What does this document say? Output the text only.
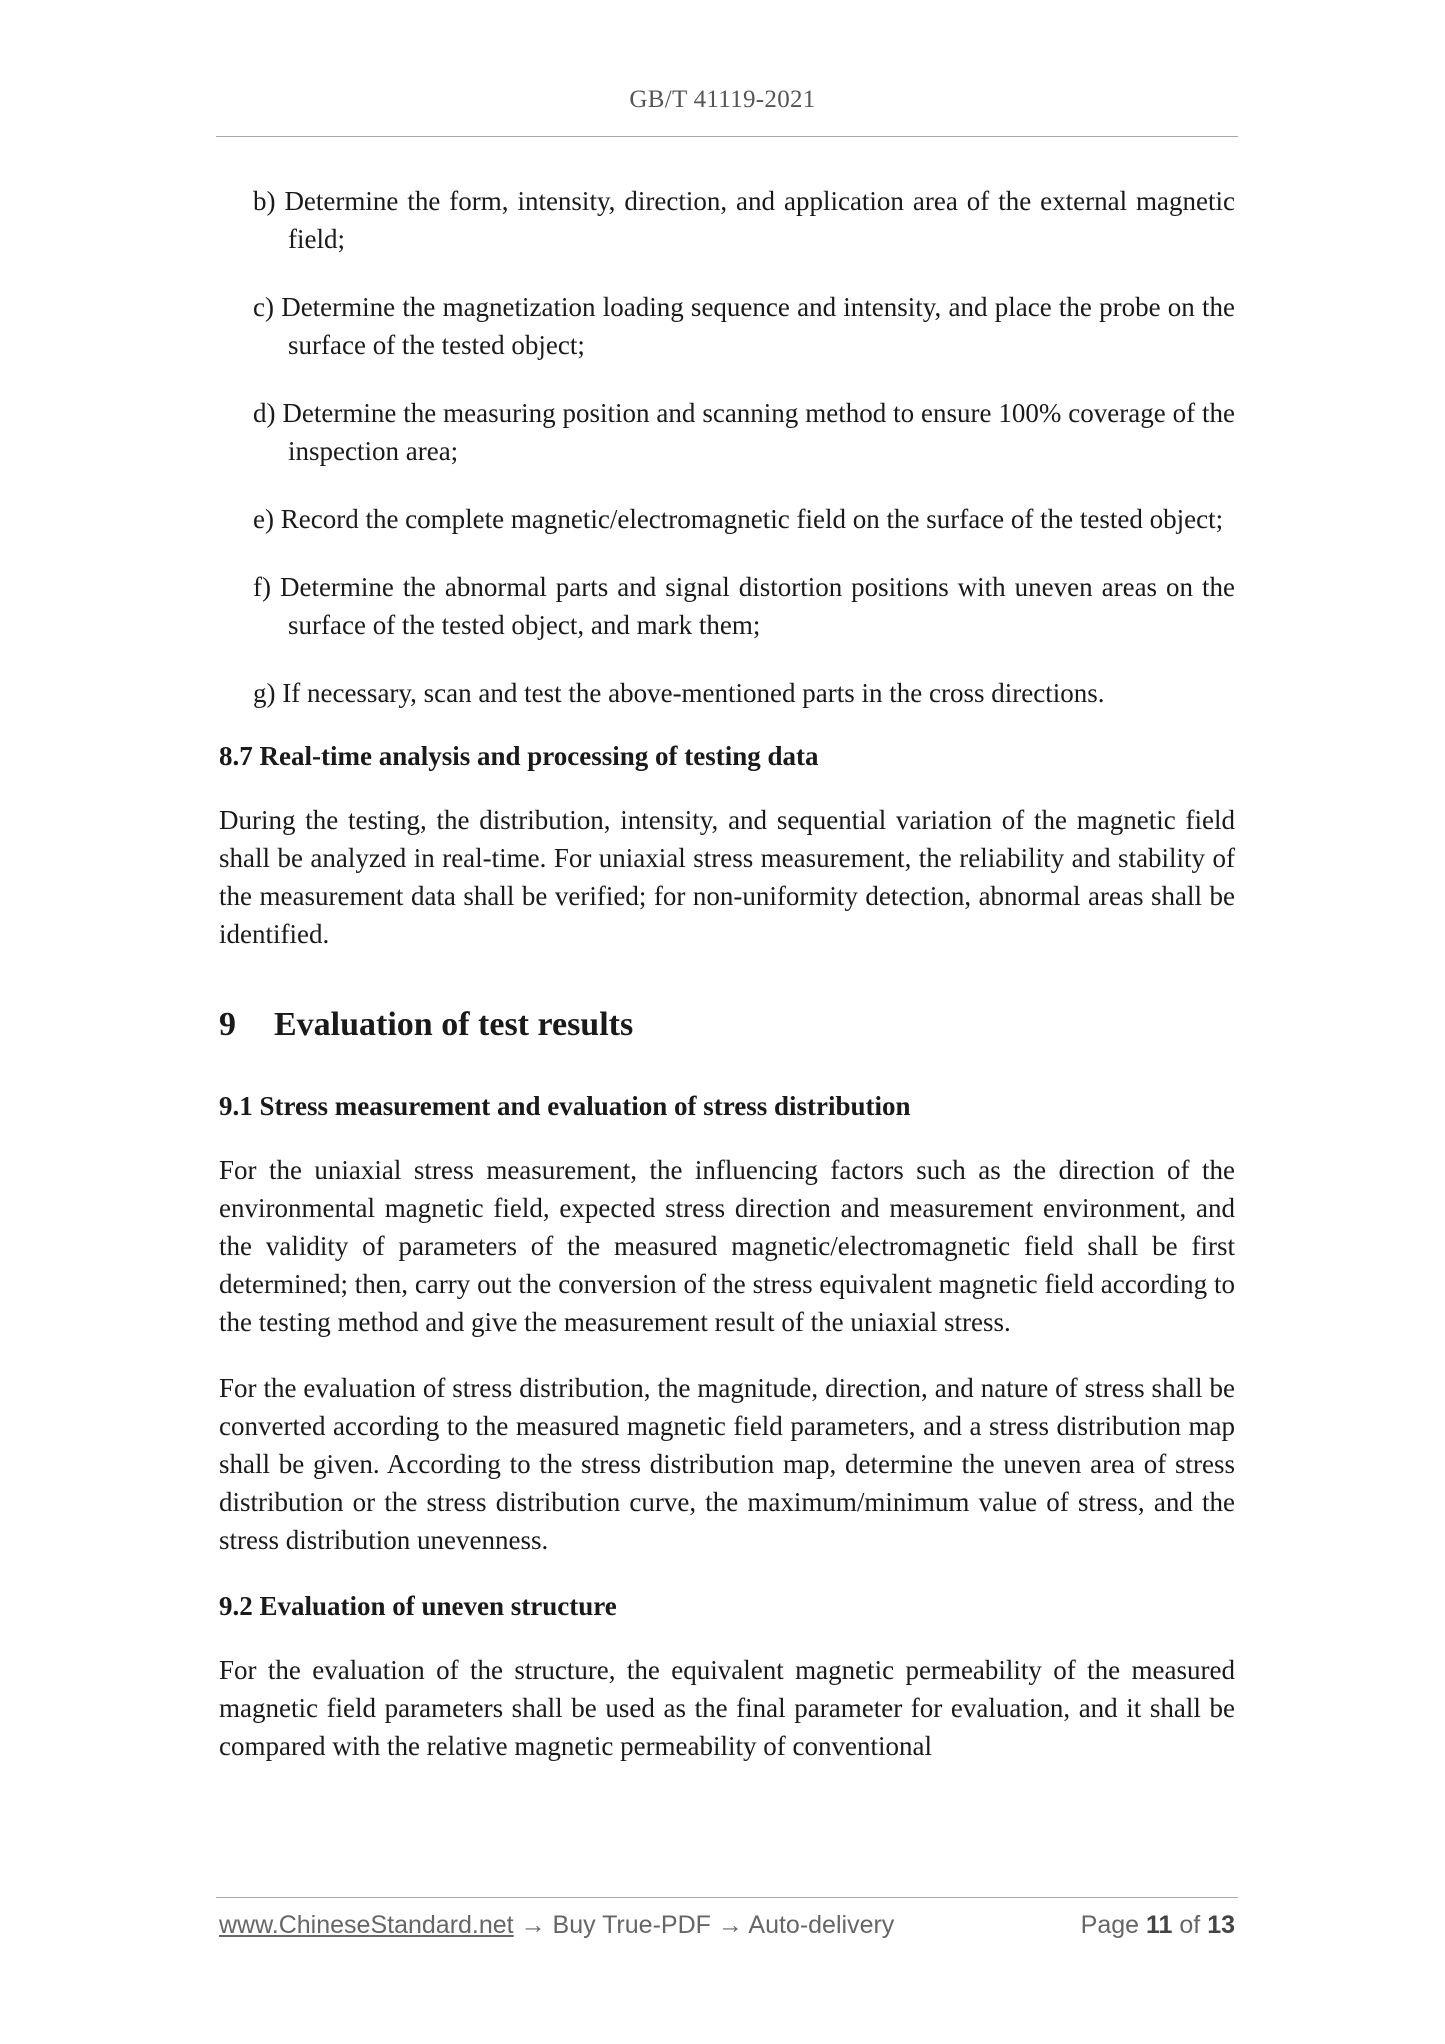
GB/T 41119-2021

b) Determine the form, intensity, direction, and application area of the external magnetic field;

c) Determine the magnetization loading sequence and intensity, and place the probe on the surface of the tested object;

d) Determine the measuring position and scanning method to ensure 100% coverage of the inspection area;

e) Record the complete magnetic/electromagnetic field on the surface of the tested object;

f) Determine the abnormal parts and signal distortion positions with uneven areas on the surface of the tested object, and mark them;

g) If necessary, scan and test the above-mentioned parts in the cross directions.

8.7 Real-time analysis and processing of testing data

During the testing, the distribution, intensity, and sequential variation of the magnetic field shall be analyzed in real-time. For uniaxial stress measurement, the reliability and stability of the measurement data shall be verified; for non-uniformity detection, abnormal areas shall be identified.

9 Evaluation of test results
9.1 Stress measurement and evaluation of stress distribution

For the uniaxial stress measurement, the influencing factors such as the direction of the environmental magnetic field, expected stress direction and measurement environment, and the validity of parameters of the measured magnetic/electromagnetic field shall be first determined; then, carry out the conversion of the stress equivalent magnetic field according to the testing method and give the measurement result of the uniaxial stress.

For the evaluation of stress distribution, the magnitude, direction, and nature of stress shall be converted according to the measured magnetic field parameters, and a stress distribution map shall be given. According to the stress distribution map, determine the uneven area of stress distribution or the stress distribution curve, the maximum/minimum value of stress, and the stress distribution unevenness.

9.2 Evaluation of uneven structure

For the evaluation of the structure, the equivalent magnetic permeability of the measured magnetic field parameters shall be used as the final parameter for evaluation, and it shall be compared with the relative magnetic permeability of conventional

www.ChineseStandard.net → Buy True-PDF → Auto-delivery	Page 11 of 13
